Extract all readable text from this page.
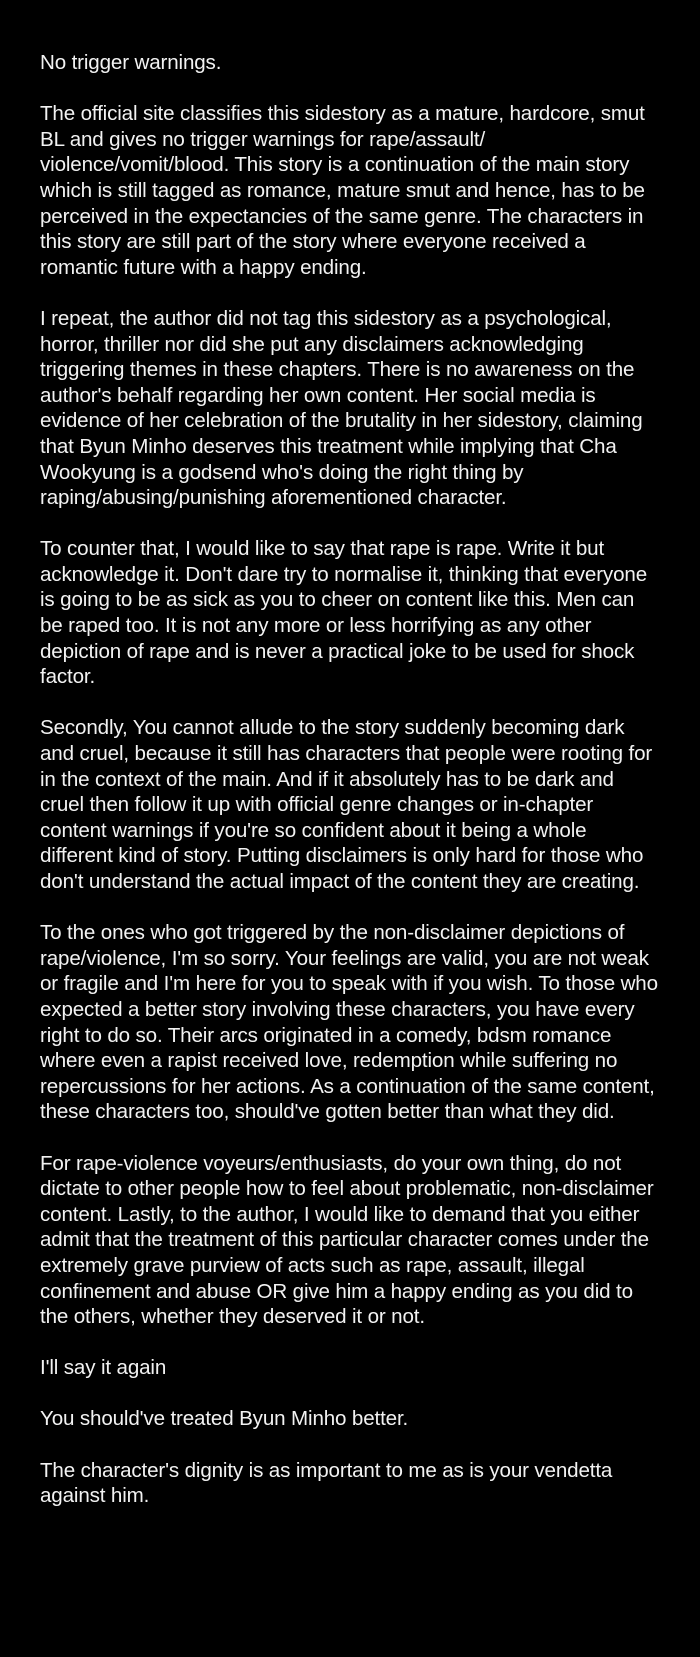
No trigger warnings.

The official site classifies this sidestory as a mature, hardcore, smut BL and gives no trigger warnings for rape/assault/ violence/vomit/blood. This story is a continuation of the main story which is still tagged as romance, mature smut and hence, has to be perceived in the expectancies of the same genre. The characters in this story are still part of the story where everyone received a romantic future with a happy ending.

I repeat, the author did not tag this sidestory as a psychological, horror, thriller nor did she put any disclaimers acknowledging triggering themes in these chapters. There is no awareness on the author's behalf regarding her own content. Her social media is evidence of her celebration of the brutality in her sidestory, claiming that Byun Minho deserves this treatment while implying that Cha Wookyung is a godsend who's doing the right thing by raping/abusing/punishing aforementioned character.

To counter that, I would like to say that rape is rape. Write it but acknowledge it. Don't dare try to normalise it, thinking that everyone is going to be as sick as you to cheer on content like this. Men can be raped too. It is not any more or less horrifying as any other depiction of rape and is never a practical joke to be used for shock factor.

Secondly, You cannot allude to the story suddenly becoming dark and cruel, because it still has characters that people were rooting for in the context of the main. And if it absolutely has to be dark and cruel then follow it up with official genre changes or in-chapter content warnings if you're so confident about it being a whole different kind of story. Putting disclaimers is only hard for those who don't understand the actual impact of the content they are creating.

To the ones who got triggered by the non-disclaimer depictions of rape/violence, I'm so sorry. Your feelings are valid, you are not weak or fragile and I'm here for you to speak with if you wish. To those who expected a better story involving these characters, you have every right to do so. Their arcs originated in a comedy, bdsm romance where even a rapist received love, redemption while suffering no repercussions for her actions. As a continuation of the same content, these characters too, should've gotten better than what they did.

For rape-violence voyeurs/enthusiasts, do your own thing, do not dictate to other people how to feel about problematic, non-disclaimer content. Lastly, to the author, I would like to demand that you either admit that the treatment of this particular character comes under the extremely grave purview of acts such as rape, assault, illegal confinement and abuse OR give him a happy ending as you did to the others, whether they deserved it or not.

I'll say it again

You should've treated Byun Minho better.

The character's dignity is as important to me as is your vendetta against him.
